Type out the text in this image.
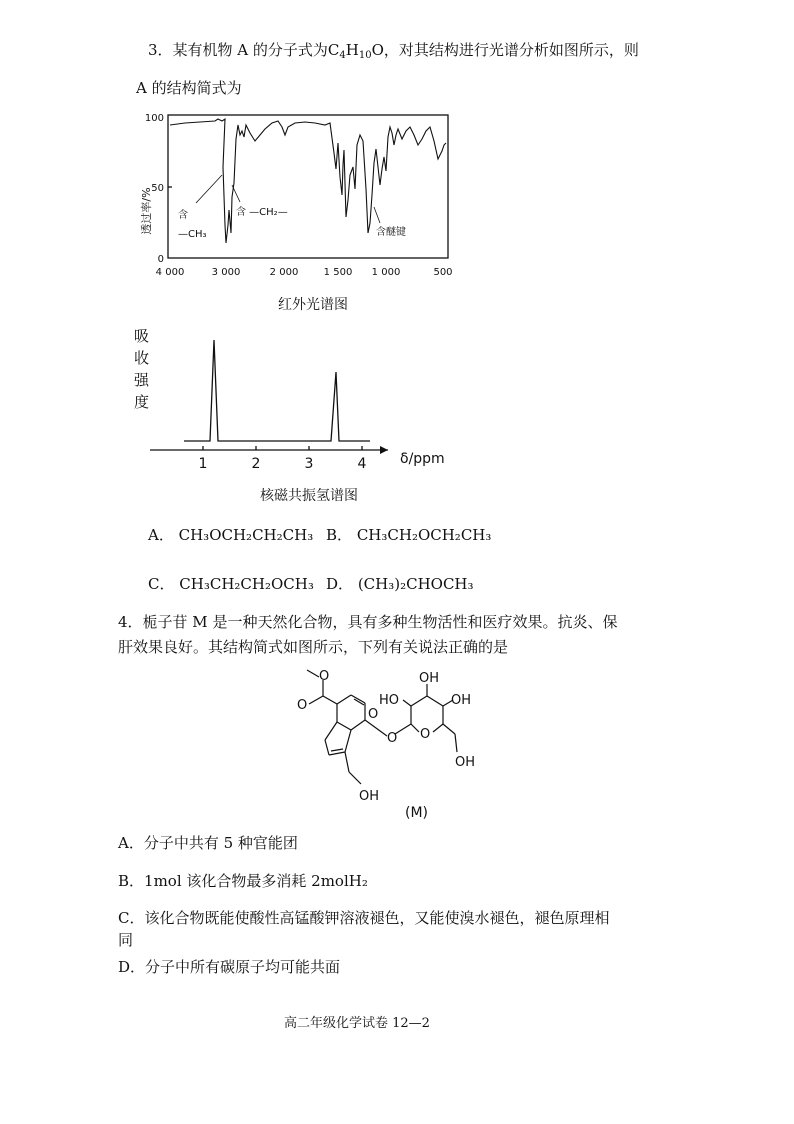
3．某有机物 A 的分子式为$C_4H_{10}O$，对其结构进行光谱分析如图所示，则
A 的结构简式为
透过率/%
100
50
0
含
—CH₃
含 —CH₂—
含醚键
4 000	3 000	2 000	1 500 1 000	500
红外光谱图
吸
收
强
度
1	2	3	4 δ/ppm
核磁共振氢谱图
A． CH₃OCH₂CH₂CH₃ B． CH₃CH₂OCH₂CH₃
C． CH₃CH₂CH₂OCH₃ D． (CH₃)₂CHOCH₃
4．栀子苷 M 是一种天然化合物，具有多种生物活性和医疗效果。抗炎、保
肝效果良好。其结构简式如图所示，下列有关说法正确的是
O
O
O
O O
HO
OH
OH
OH
OH
(M)
A．分子中共有 5 种官能团
B．1mol 该化合物最多消耗 2molH₂
C．该化合物既能使酸性高锰酸钾溶液褪色，又能使溴水褪色，褪色原理相
同
D．分子中所有碳原子均可能共面
高二年级化学试卷 12—2
